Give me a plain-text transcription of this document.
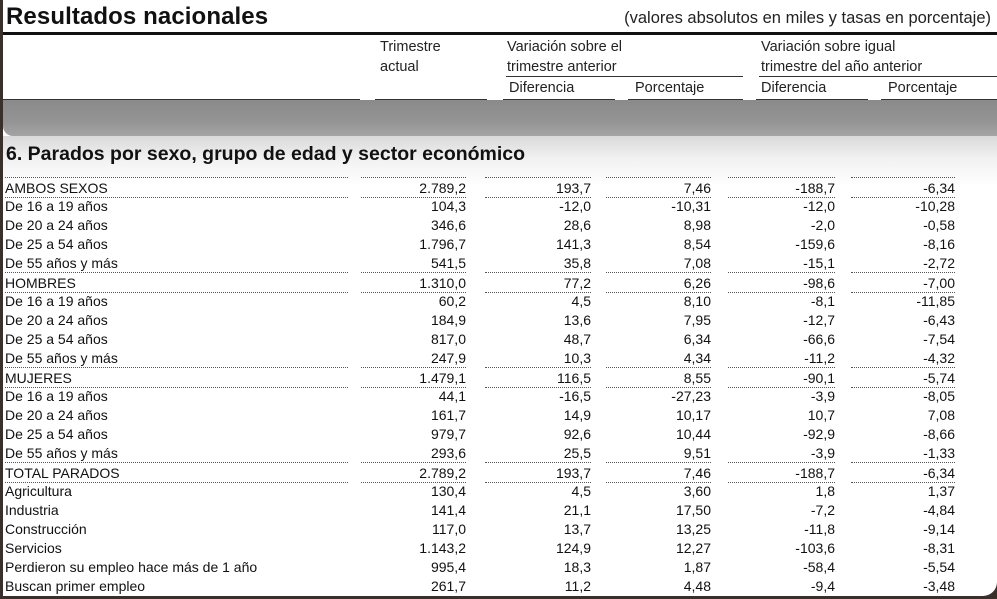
Resultados nacionales	(valores absolutos en miles y tasas en porcentaje)
Trimestre
actual
Variación sobre el
trimestre anterior
Diferencia	Porcentaje
Variación sobre igual
trimestre del año anterior
Diferencia	Porcentaje
6. Parados por sexo, grupo de edad y sector económico
AMBOS SEXOS	2.789,2	193,7	7,46	-188,7	-6,34
De 16 a 19 años	104,3	-12,0	-10,31	-12,0	-10,28
De 20 a 24 años	346,6	28,6	8,98	-2,0	-0,58
De 25 a 54 años	1.796,7	141,3	8,54	-159,6	-8,16
De 55 años y más	541,5	35,8	7,08	-15,1	-2,72
HOMBRES	1.310,0	77,2	6,26	-98,6	-7,00
De 16 a 19 años	60,2	4,5	8,10	-8,1	-11,85
De 20 a 24 años	184,9	13,6	7,95	-12,7	-6,43
De 25 a 54 años	817,0	48,7	6,34	-66,6	-7,54
De 55 años y más	247,9	10,3	4,34	-11,2	-4,32
MUJERES	1.479,1	116,5	8,55	-90,1	-5,74
De 16 a 19 años	44,1	-16,5	-27,23	-3,9	-8,05
De 20 a 24 años	161,7	14,9	10,17	10,7	7,08
De 25 a 54 años	979,7	92,6	10,44	-92,9	-8,66
De 55 años y más	293,6	25,5	9,51	-3,9	-1,33
TOTAL PARADOS	2.789,2	193,7	7,46	-188,7	-6,34
Agricultura	130,4	4,5	3,60	1,8	1,37
Industria	141,4	21,1	17,50	-7,2	-4,84
Construcción	117,0	13,7	13,25	-11,8	-9,14
Servicios	1.143,2	124,9	12,27	-103,6	-8,31
Perdieron su empleo hace más de 1 año	995,4	18,3	1,87	-58,4	-5,54
Buscan primer empleo	261,7	11,2	4,48	-9,4	-3,48
